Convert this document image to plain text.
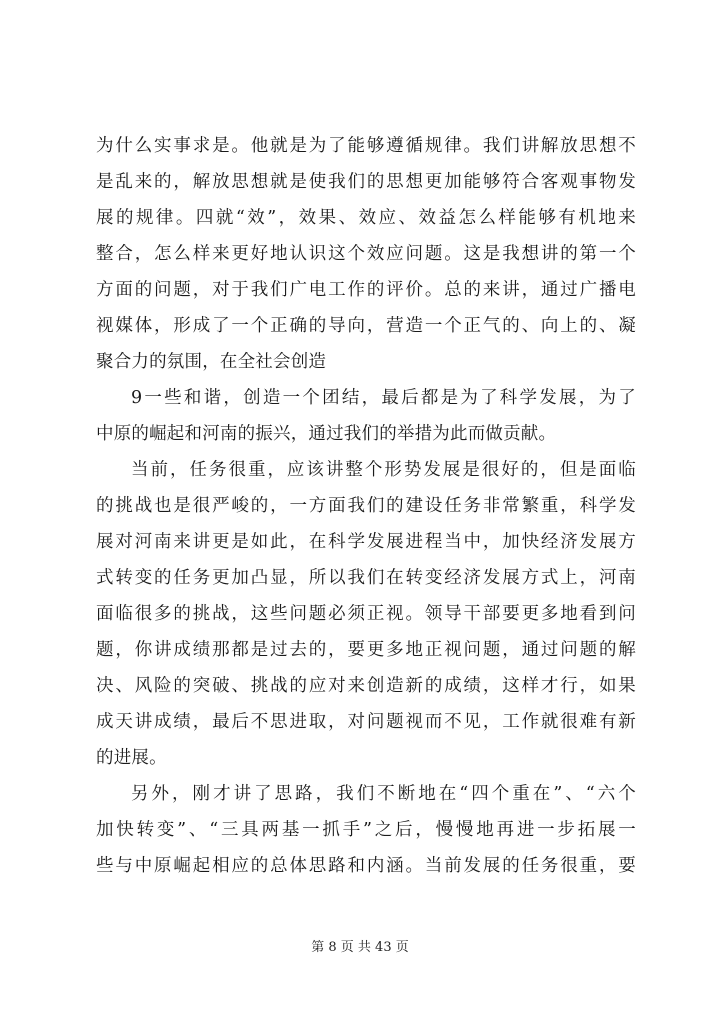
为什么实事求是。他就是为了能够遵循规律。我们讲解放思想不
是乱来的，解放思想就是使我们的思想更加能够符合客观事物发
展的规律。四就“效”，效果、效应、效益怎么样能够有机地来
整合，怎么样来更好地认识这个效应问题。这是我想讲的第一个
方面的问题，对于我们广电工作的评价。总的来讲，通过广播电
视媒体，形成了一个正确的导向，营造一个正气的、向上的、凝
聚合力的氛围，在全社会创造
9一些和谐，创造一个团结，最后都是为了科学发展，为了
中原的崛起和河南的振兴，通过我们的举措为此而做贡献。
当前，任务很重，应该讲整个形势发展是很好的，但是面临
的挑战也是很严峻的，一方面我们的建设任务非常繁重，科学发
展对河南来讲更是如此，在科学发展进程当中，加快经济发展方
式转变的任务更加凸显，所以我们在转变经济发展方式上，河南
面临很多的挑战，这些问题必须正视。领导干部要更多地看到问
题，你讲成绩那都是过去的，要更多地正视问题，通过问题的解
决、风险的突破、挑战的应对来创造新的成绩，这样才行，如果
成天讲成绩，最后不思进取，对问题视而不见，工作就很难有新
的进展。
另外，刚才讲了思路，我们不断地在“四个重在”、“六个
加快转变”、“三具两基一抓手”之后，慢慢地再进一步拓展一
些与中原崛起相应的总体思路和内涵。当前发展的任务很重，要
第 8 页 共 43 页
